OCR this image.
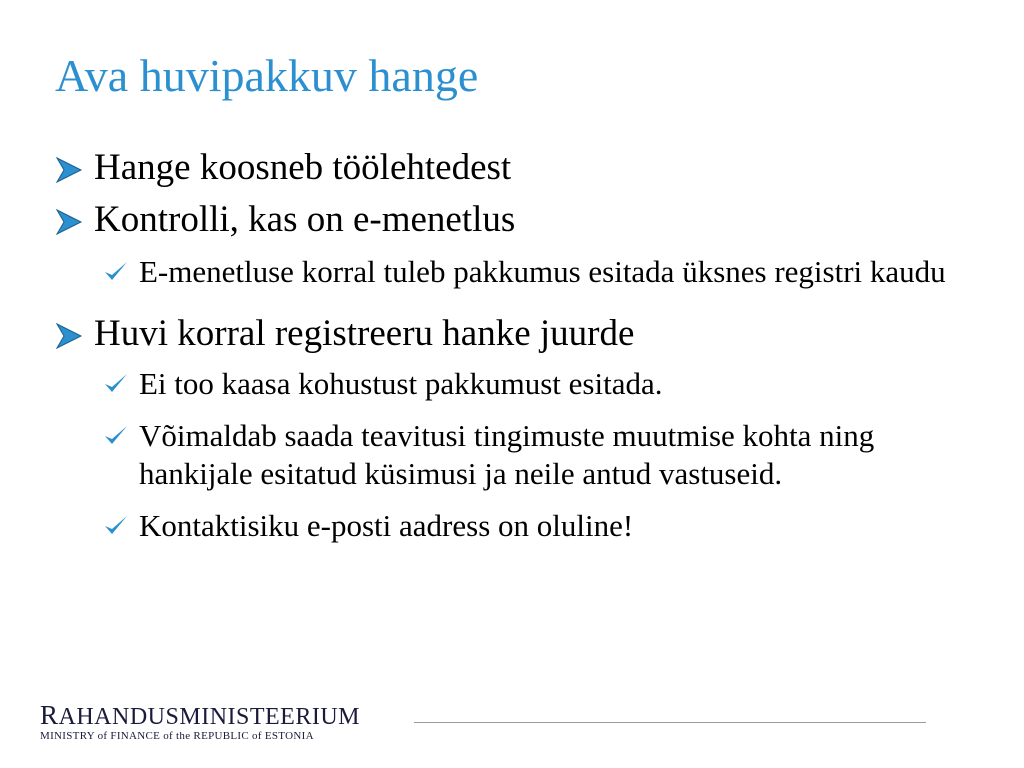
Ava huvipakkuv hange
Hange koosneb töölehtedest
Kontrolli, kas on e-menetlus
E-menetluse korral tuleb pakkumus esitada üksnes registri kaudu
Huvi korral registreeru hanke juurde
Ei too kaasa kohustust pakkumust esitada.
Võimaldab saada teavitusi tingimuste muutmise kohta ning hankijale esitatud küsimusi ja neile antud vastuseid.
Kontaktisiku e-posti aadress on oluline!
RAHANDUSMINISTEERIUM
MINISTRY of FINANCE of the REPUBLIC of ESTONIA
